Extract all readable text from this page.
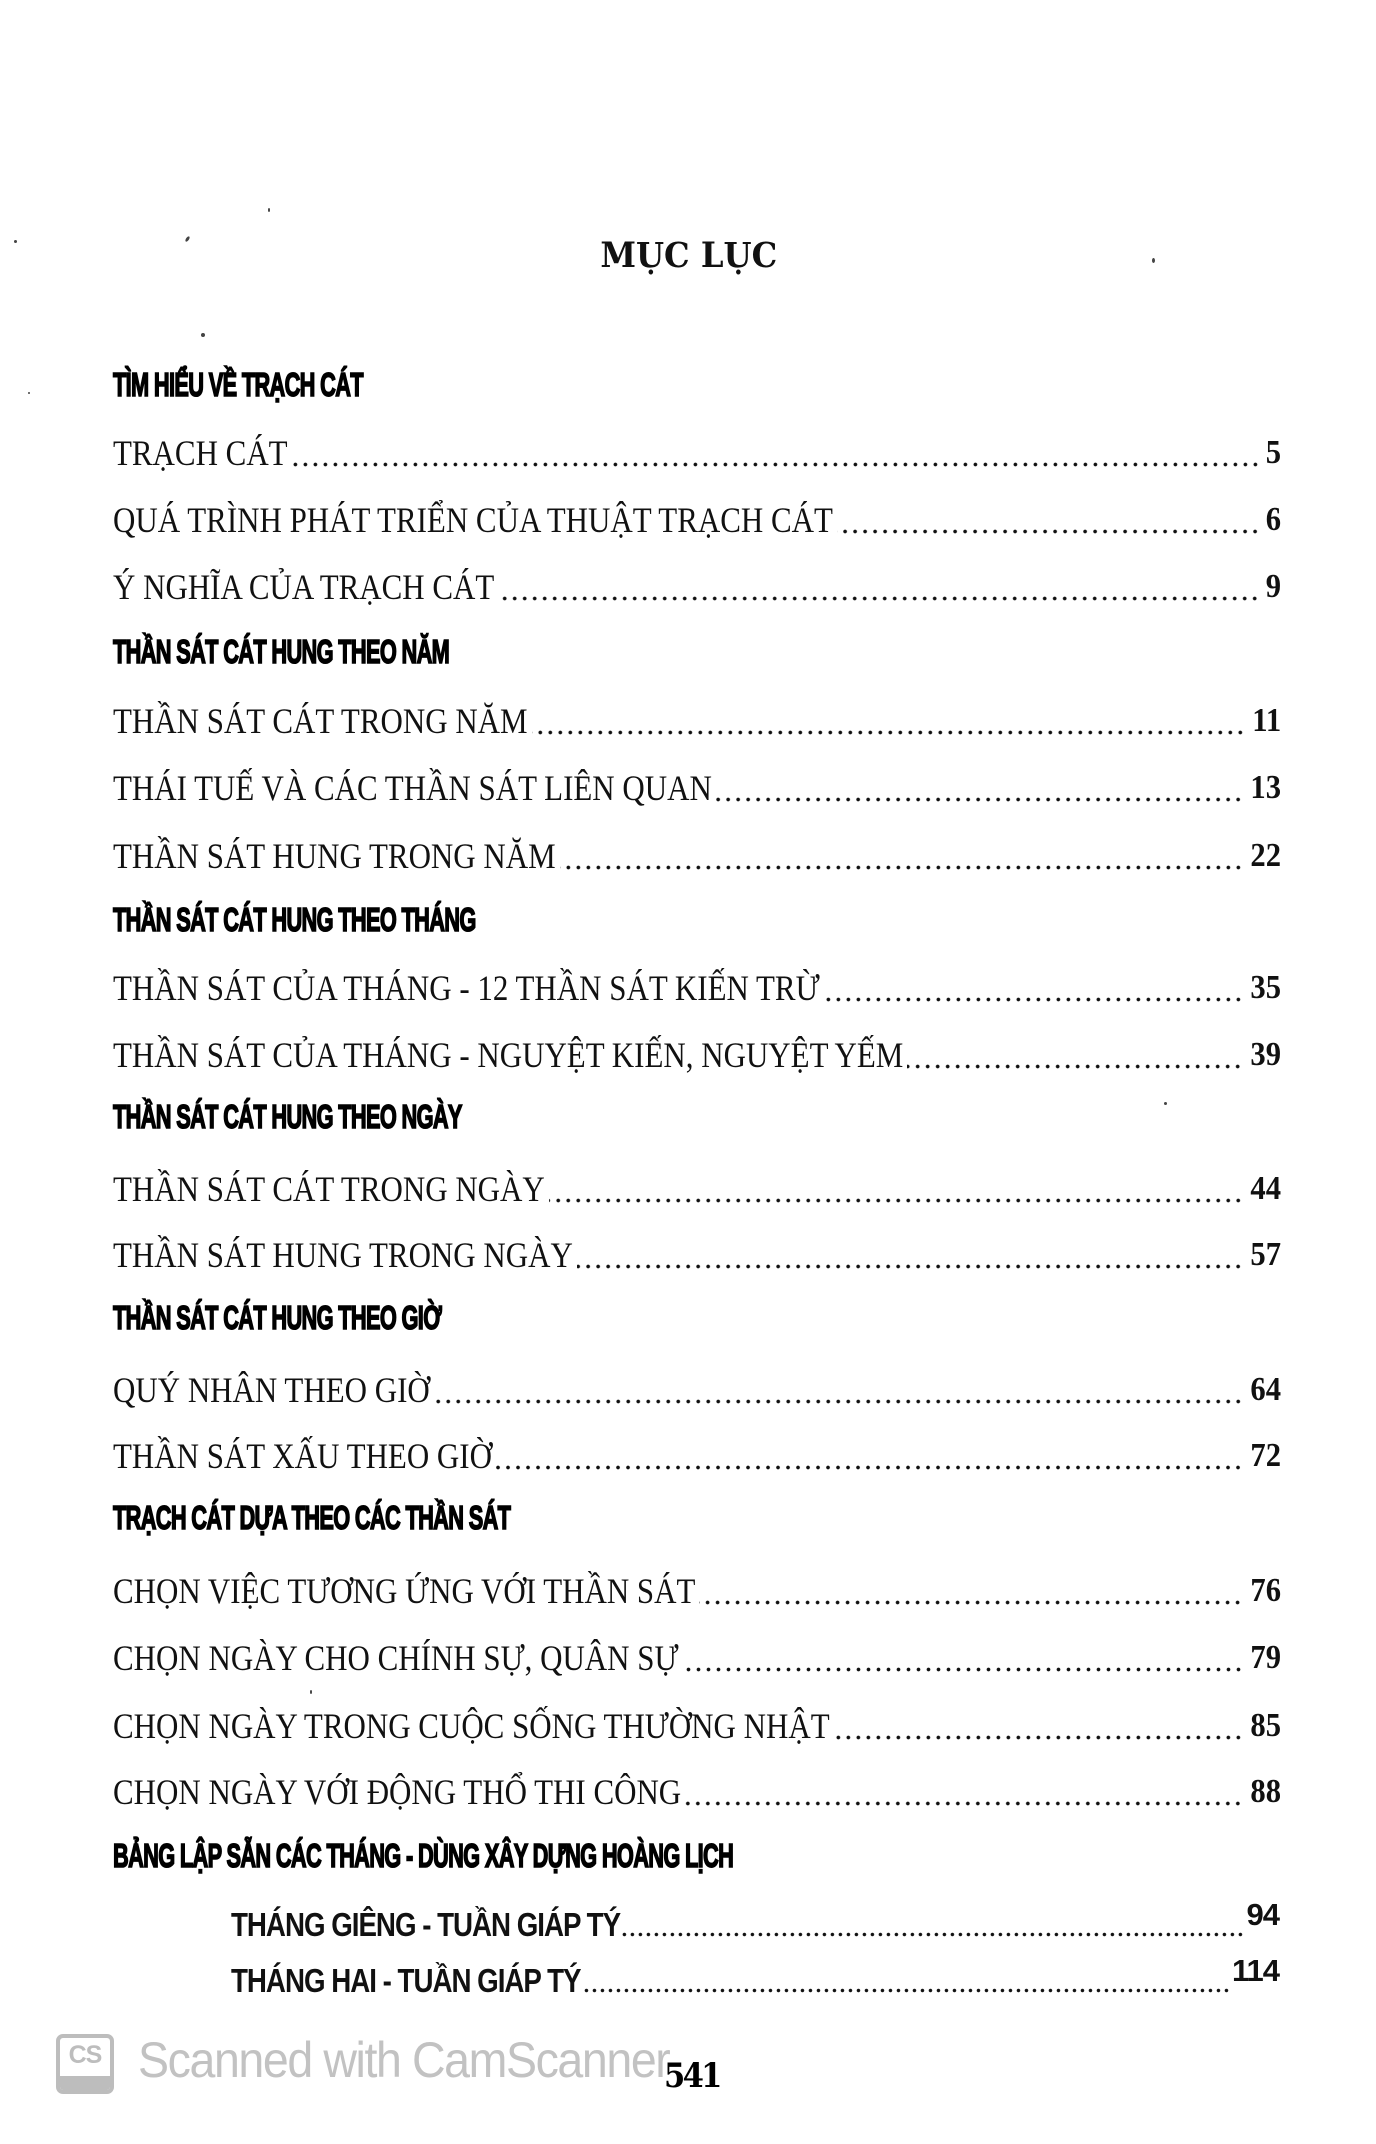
MỤC LỤC
TÌM HIỂU VỀ TRẠCH CÁT
TRẠCH CÁT	5
QUÁ TRÌNH PHÁT TRIỂN CỦA THUẬT TRẠCH CÁT	6
Ý NGHĨA CỦA TRẠCH CÁT	9
THẦN SÁT CÁT HUNG THEO NĂM
THẦN SÁT CÁT TRONG NĂM	11
THÁI TUẾ VÀ CÁC THẦN SÁT LIÊN QUAN	13
THẦN SÁT HUNG TRONG NĂM	22
THẦN SÁT CÁT HUNG THEO THÁNG
THẦN SÁT CỦA THÁNG - 12 THẦN SÁT KIẾN TRỪ	35
THẦN SÁT CỦA THÁNG - NGUYỆT KIẾN, NGUYỆT YẾM	39
THẦN SÁT CÁT HUNG THEO NGÀY
THẦN SÁT CÁT TRONG NGÀY	44
THẦN SÁT HUNG TRONG NGÀY	57
THẦN SÁT CÁT HUNG THEO GIỜ
QUÝ NHÂN THEO GIỜ	64
THẦN SÁT XẤU THEO GIỜ	72
TRẠCH CÁT DỰA THEO CÁC THẦN SÁT
CHỌN VIỆC TƯƠNG ỨNG VỚI THẦN SÁT	76
CHỌN NGÀY CHO CHÍNH SỰ, QUÂN SỰ	79
CHỌN NGÀY TRONG CUỘC SỐNG THƯỜNG NHẬT	85
CHỌN NGÀY VỚI ĐỘNG THỔ THI CÔNG	88
BẢNG LẬP SẴN CÁC THÁNG - DÙNG XÂY DỰNG HOÀNG LỊCH
THÁNG GIÊNG - TUẦN GIÁP TÝ	94
THÁNG HAI - TUẦN GIÁP TÝ	114
CS Scanned with CamScanner
541
